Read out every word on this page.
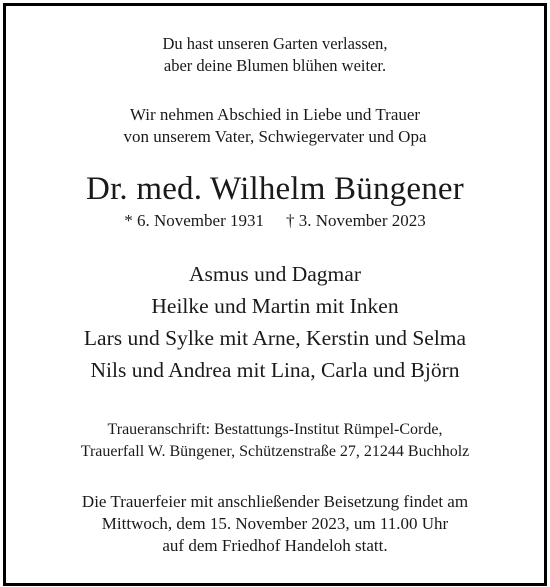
Du hast unseren Garten verlassen,
aber deine Blumen blühen weiter.
Wir nehmen Abschied in Liebe und Trauer
von unserem Vater, Schwiegervater und Opa
Dr. med. Wilhelm Büngener
* 6. November 1931 † 3. November 2023
Asmus und Dagmar
Heilke und Martin mit Inken
Lars und Sylke mit Arne, Kerstin und Selma
Nils und Andrea mit Lina, Carla und Björn
Traueranschrift: Bestattungs-Institut Rümpel-Corde,
Trauerfall W. Büngener, Schützenstraße 27, 21244 Buchholz
Die Trauerfeier mit anschließender Beisetzung findet am
Mittwoch, dem 15. November 2023, um 11.00 Uhr
auf dem Friedhof Handeloh statt.
